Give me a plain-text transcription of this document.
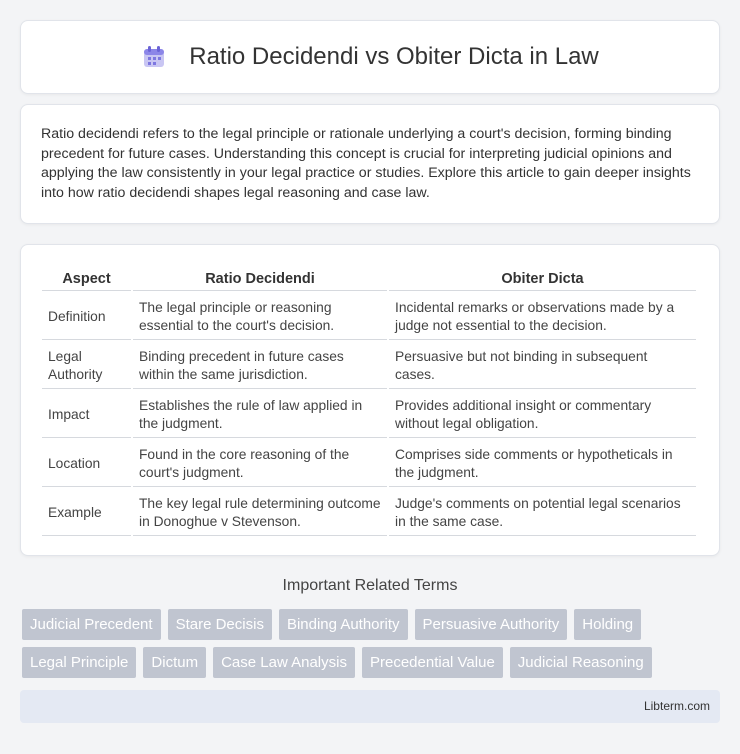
Ratio Decidendi vs Obiter Dicta in Law

Ratio decidendi refers to the legal principle or rationale underlying a court's decision, forming binding precedent for future cases. Understanding this concept is crucial for interpreting judicial opinions and applying the law consistently in your legal practice or studies. Explore this article to gain deeper insights into how ratio decidendi shapes legal reasoning and case law.

Aspect	Ratio Decidendi	Obiter Dicta
Definition	The legal principle or reasoning essential to the court's decision.	Incidental remarks or observations made by a judge not essential to the decision.
Legal Authority	Binding precedent in future cases within the same jurisdiction.	Persuasive but not binding in subsequent cases.
Impact	Establishes the rule of law applied in the judgment.	Provides additional insight or commentary without legal obligation.
Location	Found in the core reasoning of the court's judgment.	Comprises side comments or hypotheticals in the judgment.
Example	The key legal rule determining outcome in Donoghue v Stevenson.	Judge's comments on potential legal scenarios in the same case.
Important Related Terms
Judicial Precedent	Stare Decisis	Binding Authority	Persuasive Authority	Holding
Legal Principle	Dictum	Case Law Analysis	Precedential Value	Judicial Reasoning
Libterm.com
